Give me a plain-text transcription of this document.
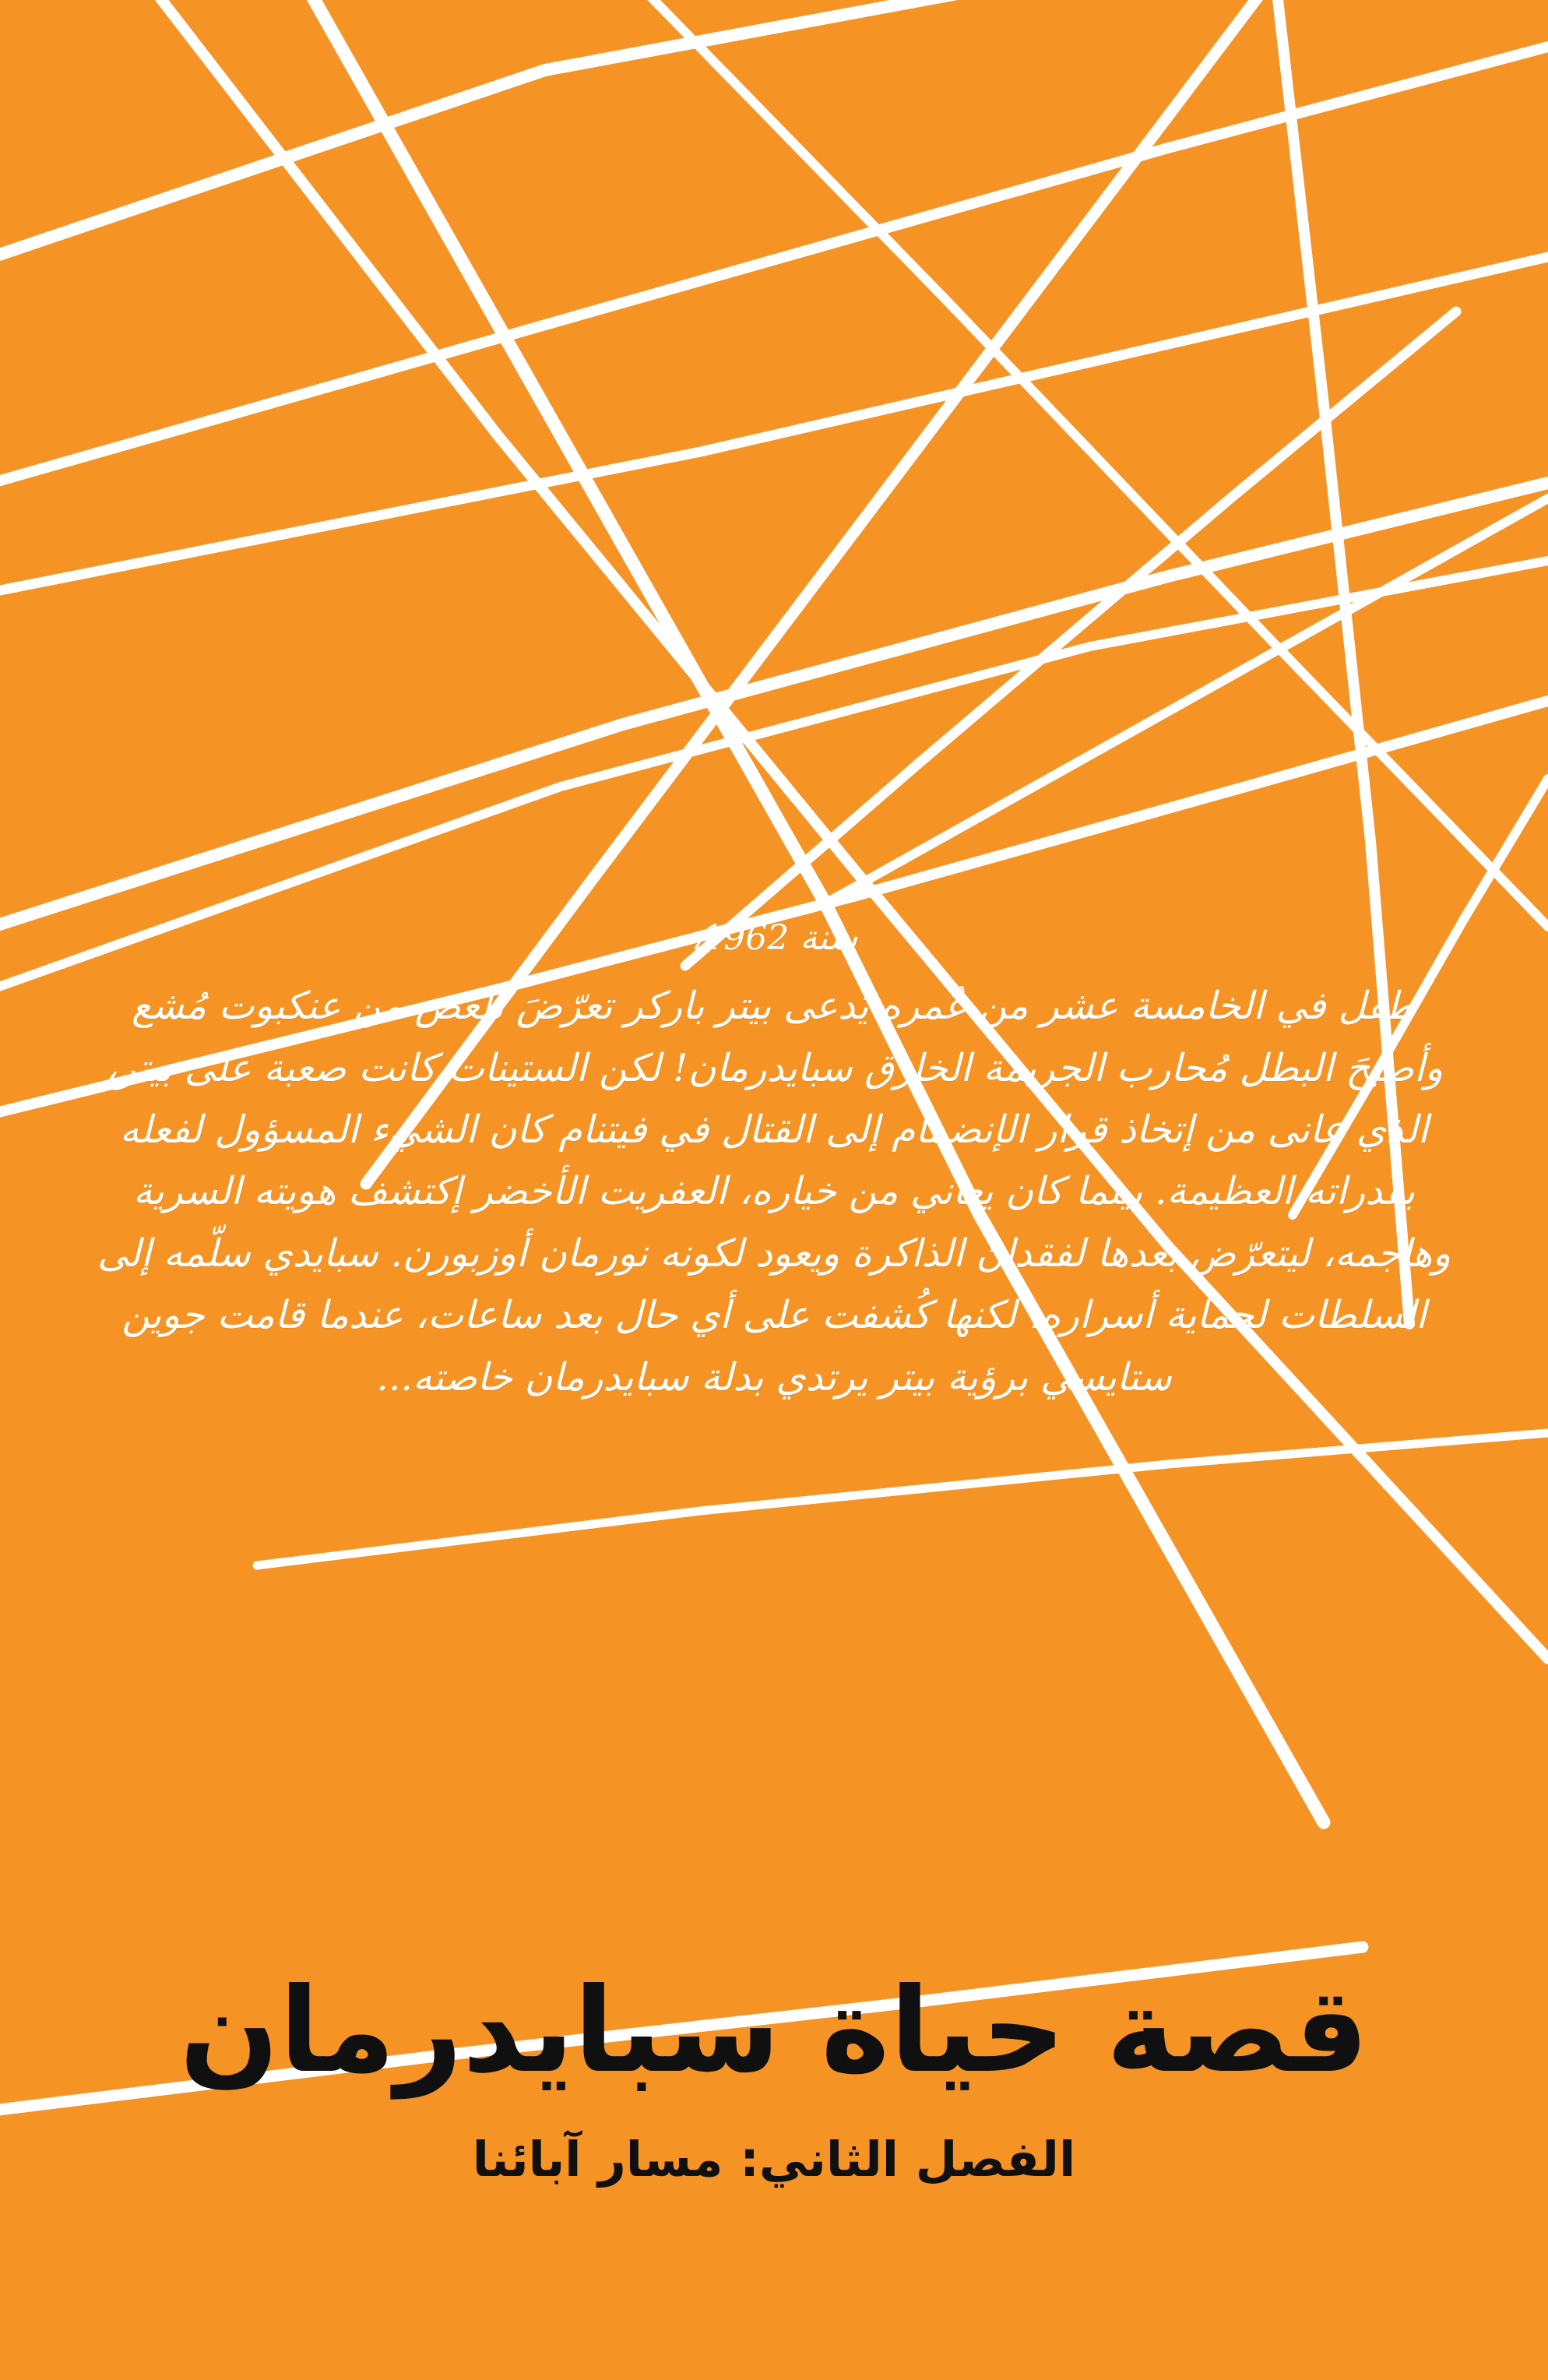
سنة 1962،
طفل في الخامسة عشر من عُمره يُدعى بيتر باركر تعرّضَ للعض من عنكبوت مُشع وأصبحَ البطل مُحارب الجريمة الخارق سبايدرمان! لكن الستينات كانت صعبة على بيتر، الذي عانى من إتخاذ قرار الإنضمام إلى القتال في فيتنام كان الشيء المسؤول لفعله بقدراته العظيمة. بينما كان يعاني من خياره، العفريت الأخضر إكتشفَ هويته السرية وهاجمه، ليتعرّض بعدها لفقدان الذاكرة ويعود لكونه نورمان أوزبورن. سبايدي سلّمه إلى السلطات لحماية أسراره، لكنها كُشفت على أي حال بعد ساعات، عندما قامت جوين ستايسي برؤية بيتر يرتدي بدلة سبايدرمان خاصته...

قصة حياة سبايدرمان
الفصل الثاني: مسار آبائنا
